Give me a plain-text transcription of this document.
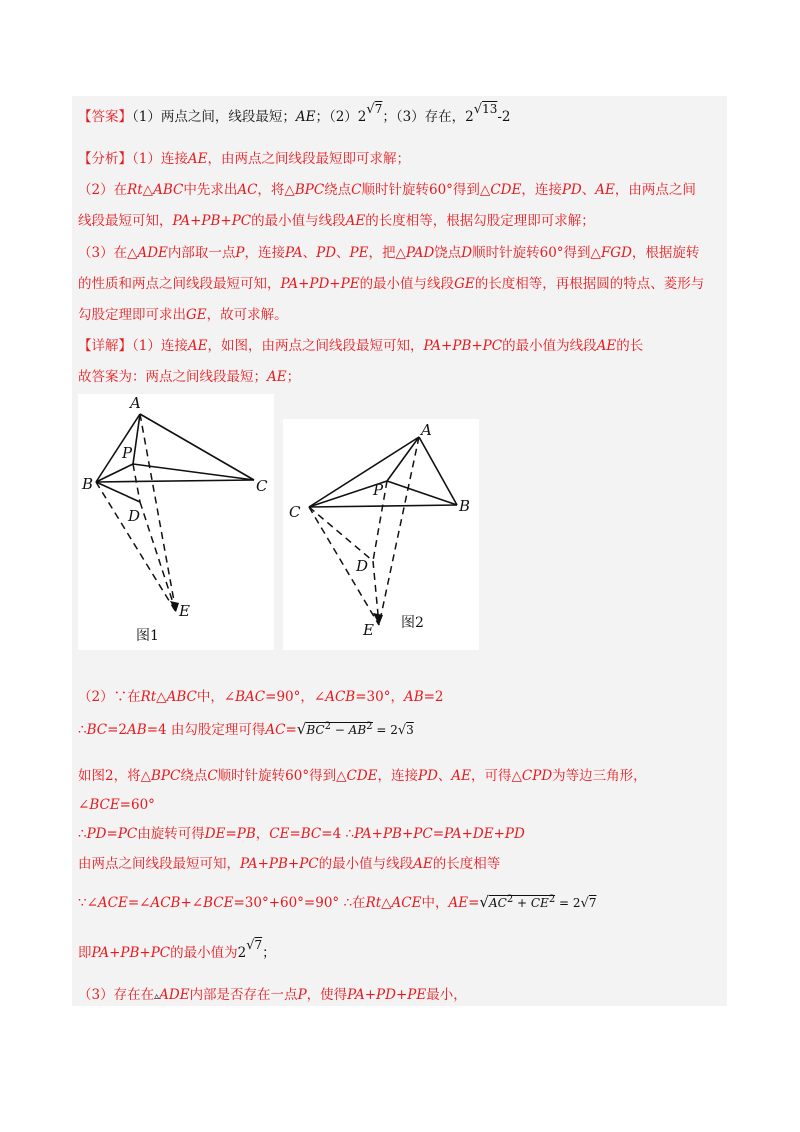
【答案】（1）两点之间，线段最短；AE；（2）2√7；（3）存在，2√13-2
【分析】（1）连接AE，由两点之间线段最短即可求解；
（2）在Rt△ABC中先求出AC，将△BPC绕点C顺时针旋转60°得到△CDE，连接PD、AE，由两点之间
线段最短可知，PA+PB+PC的最小值与线段AE的长度相等，根据勾股定理即可求解；
（3）在△ADE内部取一点P，连接PA、PD、PE，把△PAD饶点D顺时针旋转60°得到△FGD，根据旋转
的性质和两点之间线段最短可知，PA+PD+PE的最小值与线段GE的长度相等，再根据圆的特点、菱形与
勾股定理即可求出GE，故可求解。
【详解】（1）连接AE，如图，由两点之间线段最短可知，PA+PB+PC的最小值为线段AE的长
故答案为：两点之间线段最短；AE；
A
P
B	C
D
E
图1
A
P
C	B
D
E 图2
（2）∵在Rt△ABC中，∠BAC=90°，∠ACB=30°，AB=2
∴BC=2AB=4 由勾股定理可得$AC=√BC^2 - AB^2 = 2√3$
如图2，将△BPC绕点C顺时针旋转60°得到△CDE，连接PD、AE，可得△CPD为等边三角形，
∠BCE=60°
∴PD=PC由旋转可得DE=PB，CE=BC=4 ∴PA+PB+PC=PA+DE+PD
由两点之间线段最短可知，PA+PB+PC的最小值与线段AE的长度相等
∵∠ACE=∠ACB+∠BCE=30°+60°=90° ∴在Rt△ACE中，$AE=√AC^2 + CE^2 = 2√7$
即PA+PB+PC的最小值为2√7；
（3）存在在▵ADE内部是否存在一点P，使得PA+PD+PE最小，
